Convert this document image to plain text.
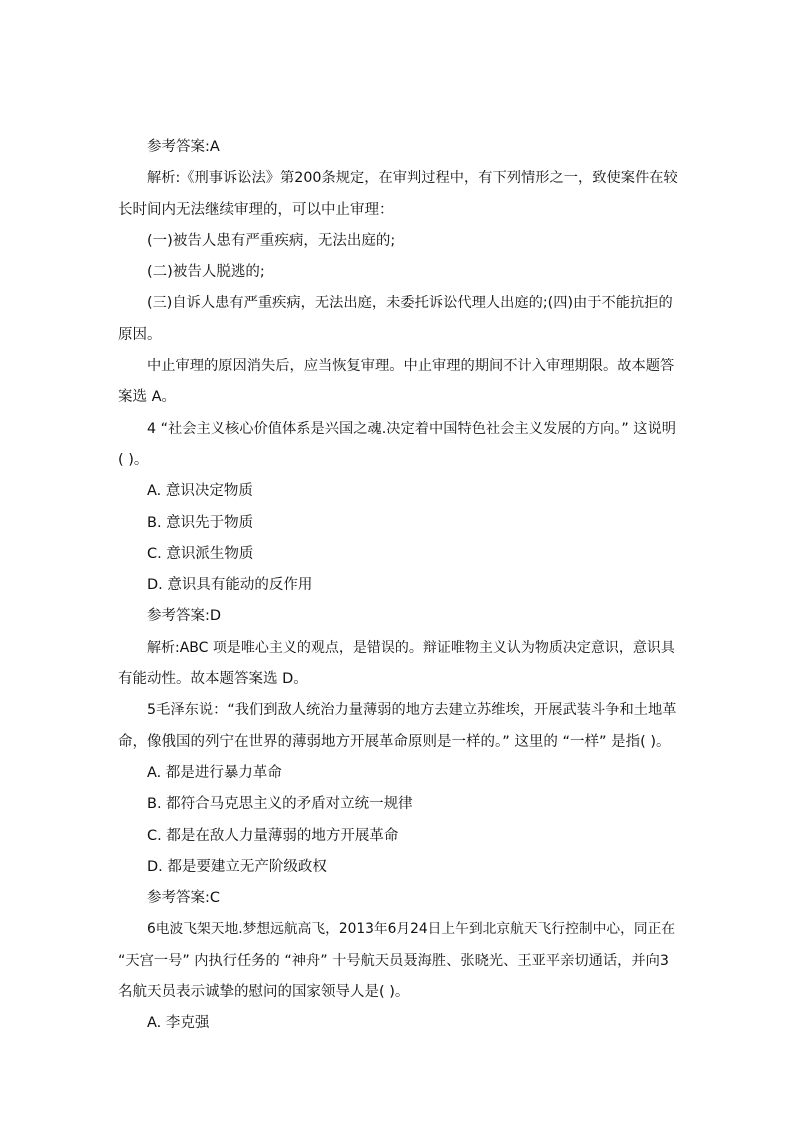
参考答案:A
解析:《刑事诉讼法》第200条规定，在审判过程中，有下列情形之一，致使案件在较
长时间内无法继续审理的，可以中止审理：
(一)被告人患有严重疾病，无法出庭的;
(二)被告人脱逃的;
(三)自诉人患有严重疾病，无法出庭，未委托诉讼代理人出庭的;(四)由于不能抗拒的
原因。
中止审理的原因消失后，应当恢复审理。中止审理的期间不计入审理期限。故本题答
案选 A。
4 “社会主义核心价值体系是兴国之魂.决定着中国特色社会主义发展的方向。” 这说明
( )。
A. 意识决定物质
B. 意识先于物质
C. 意识派生物质
D. 意识具有能动的反作用
参考答案:D
解析:ABC 项是唯心主义的观点，是错误的。辩证唯物主义认为物质决定意识，意识具
有能动性。故本题答案选 D。
5毛泽东说：“我们到敌人统治力量薄弱的地方去建立苏维埃，开展武装斗争和土地革
命，像俄国的列宁在世界的薄弱地方开展革命原则是一样的。” 这里的 “一样” 是指( )。
A. 都是进行暴力革命
B. 都符合马克思主义的矛盾对立统一规律
C. 都是在敌人力量薄弱的地方开展革命
D. 都是要建立无产阶级政权
参考答案:C
6电波飞架天地.梦想远航高飞，2013年6月24日上午到北京航天飞行控制中心，同正在
“天宫一号” 内执行任务的 “神舟” 十号航天员聂海胜、张晓光、王亚平亲切通话，并向3
名航天员表示诚挚的慰问的国家领导人是( )。
A. 李克强
